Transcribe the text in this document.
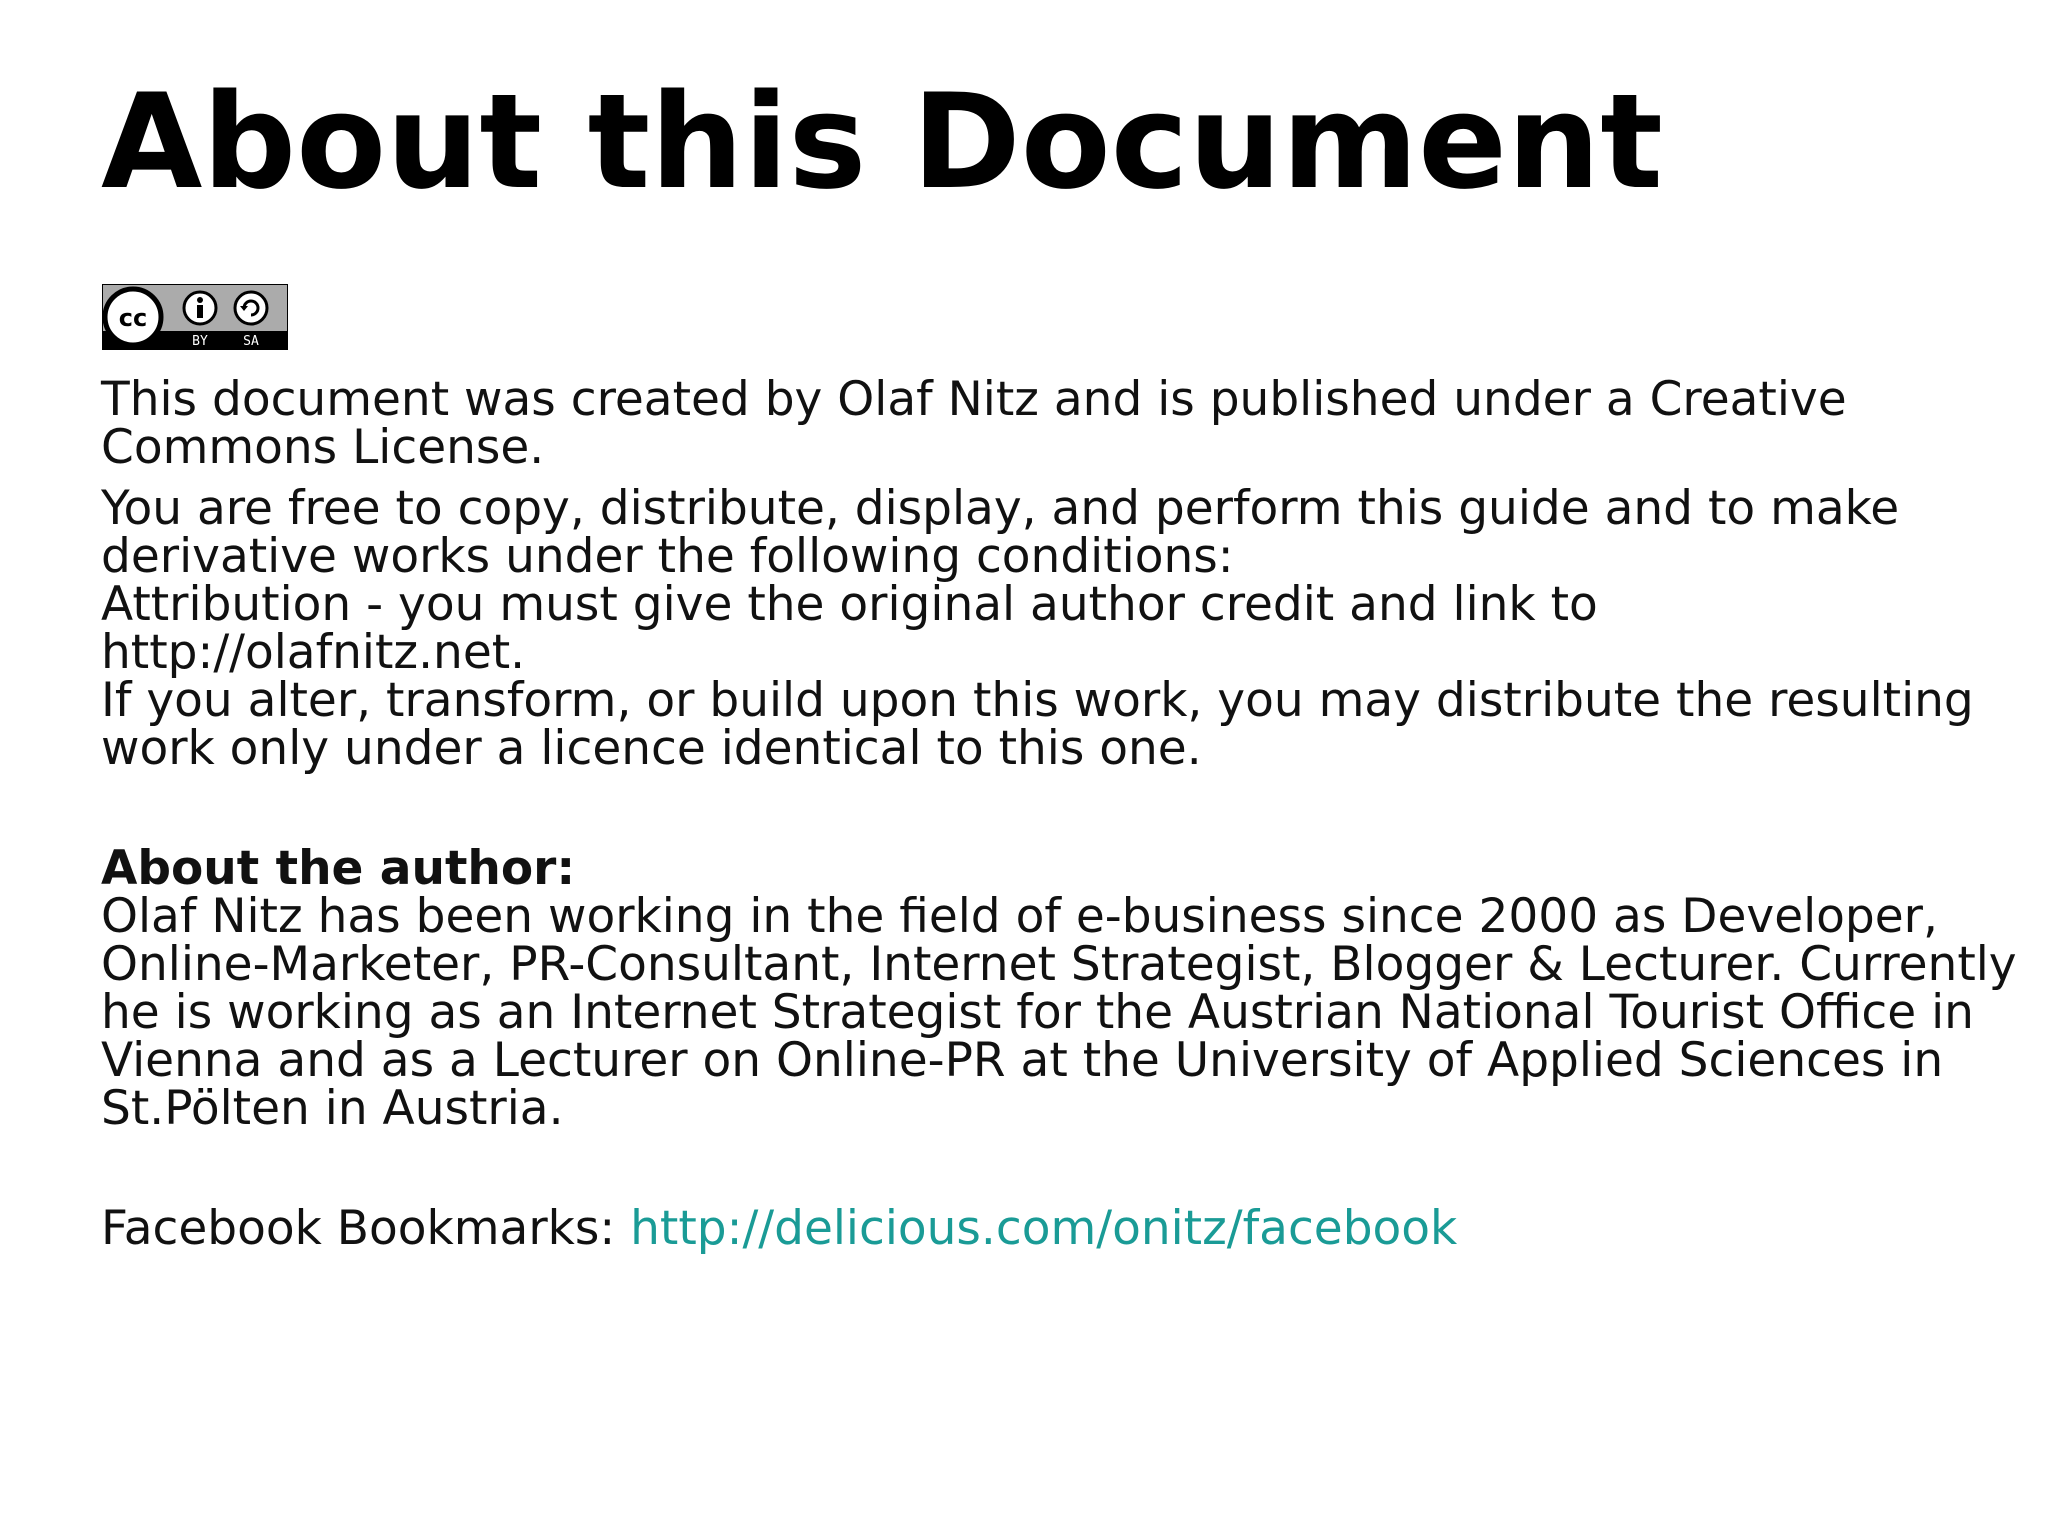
About this Document
cc
BY	SA

This document was created by Olaf Nitz and is published under a Creative

Commons License.

You are free to copy, distribute, display, and perform this guide and to make

derivative works under the following conditions:

Attribution - you must give the original author credit and link to

http://olafnitz.net.

If you alter, transform, or build upon this work, you may distribute the resulting

work only under a licence identical to this one.

About the author:

Olaf Nitz has been working in the field of e-business since 2000 as Developer,

Online-Marketer, PR-Consultant, Internet Strategist, Blogger & Lecturer. Currently

he is working as an Internet Strategist for the Austrian National Tourist Office in

Vienna and as a Lecturer on Online-PR at the University of Applied Sciences in

St.Pölten in Austria.

Facebook Bookmarks: http://delicious.com/onitz/facebook
